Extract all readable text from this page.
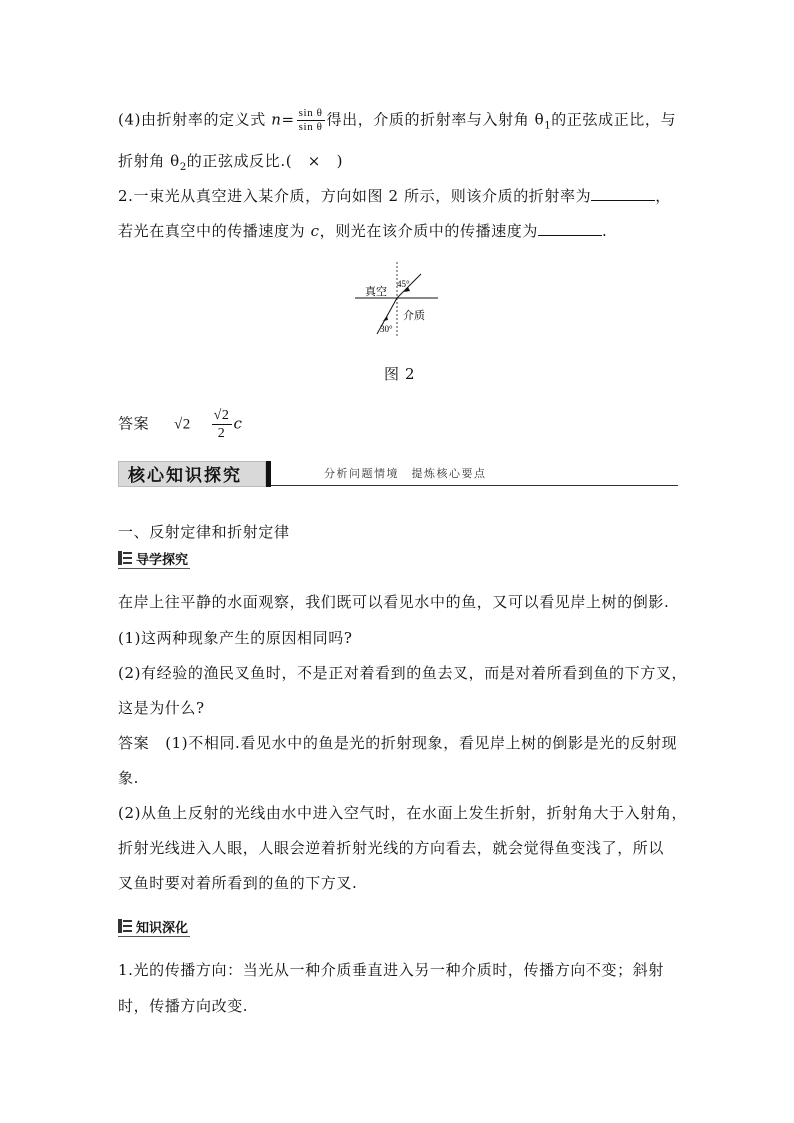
(4)由折射率的定义式 $n= \frac{\text{sin θ}}{\text{sin θ}}$ 得出，介质的折射率与入射角 $\theta_1$的正弦成正比，与
折射角 $\theta_2$的正弦成反比.(　×　)
2.一束光从真空进入某介质，方向如图 2 所示，则该介质的折射率为	，
若光在真空中的传播速度为 c，则光在该介质中的传播速度为	.
真空
介质
45°
30°
图 2
答案 $√2 \frac{√2}{2}$ c
核心知识探究	分析问题情境　提炼核心要点
一、反射定律和折射定律
导学探究
在岸上往平静的水面观察，我们既可以看见水中的鱼，又可以看见岸上树的倒影.
(1)这两种现象产生的原因相同吗?
(2)有经验的渔民叉鱼时，不是正对着看到的鱼去叉，而是对着所看到鱼的下方叉，
这是为什么?
答案 (1)不相同.看见水中的鱼是光的折射现象，看见岸上树的倒影是光的反射现
象.
(2)从鱼上反射的光线由水中进入空气时，在水面上发生折射，折射角大于入射角，
折射光线进入人眼，人眼会逆着折射光线的方向看去，就会觉得鱼变浅了，所以
叉鱼时要对着所看到的鱼的下方叉.
知识深化
1.光的传播方向：当光从一种介质垂直进入另一种介质时，传播方向不变；斜射
时，传播方向改变.
